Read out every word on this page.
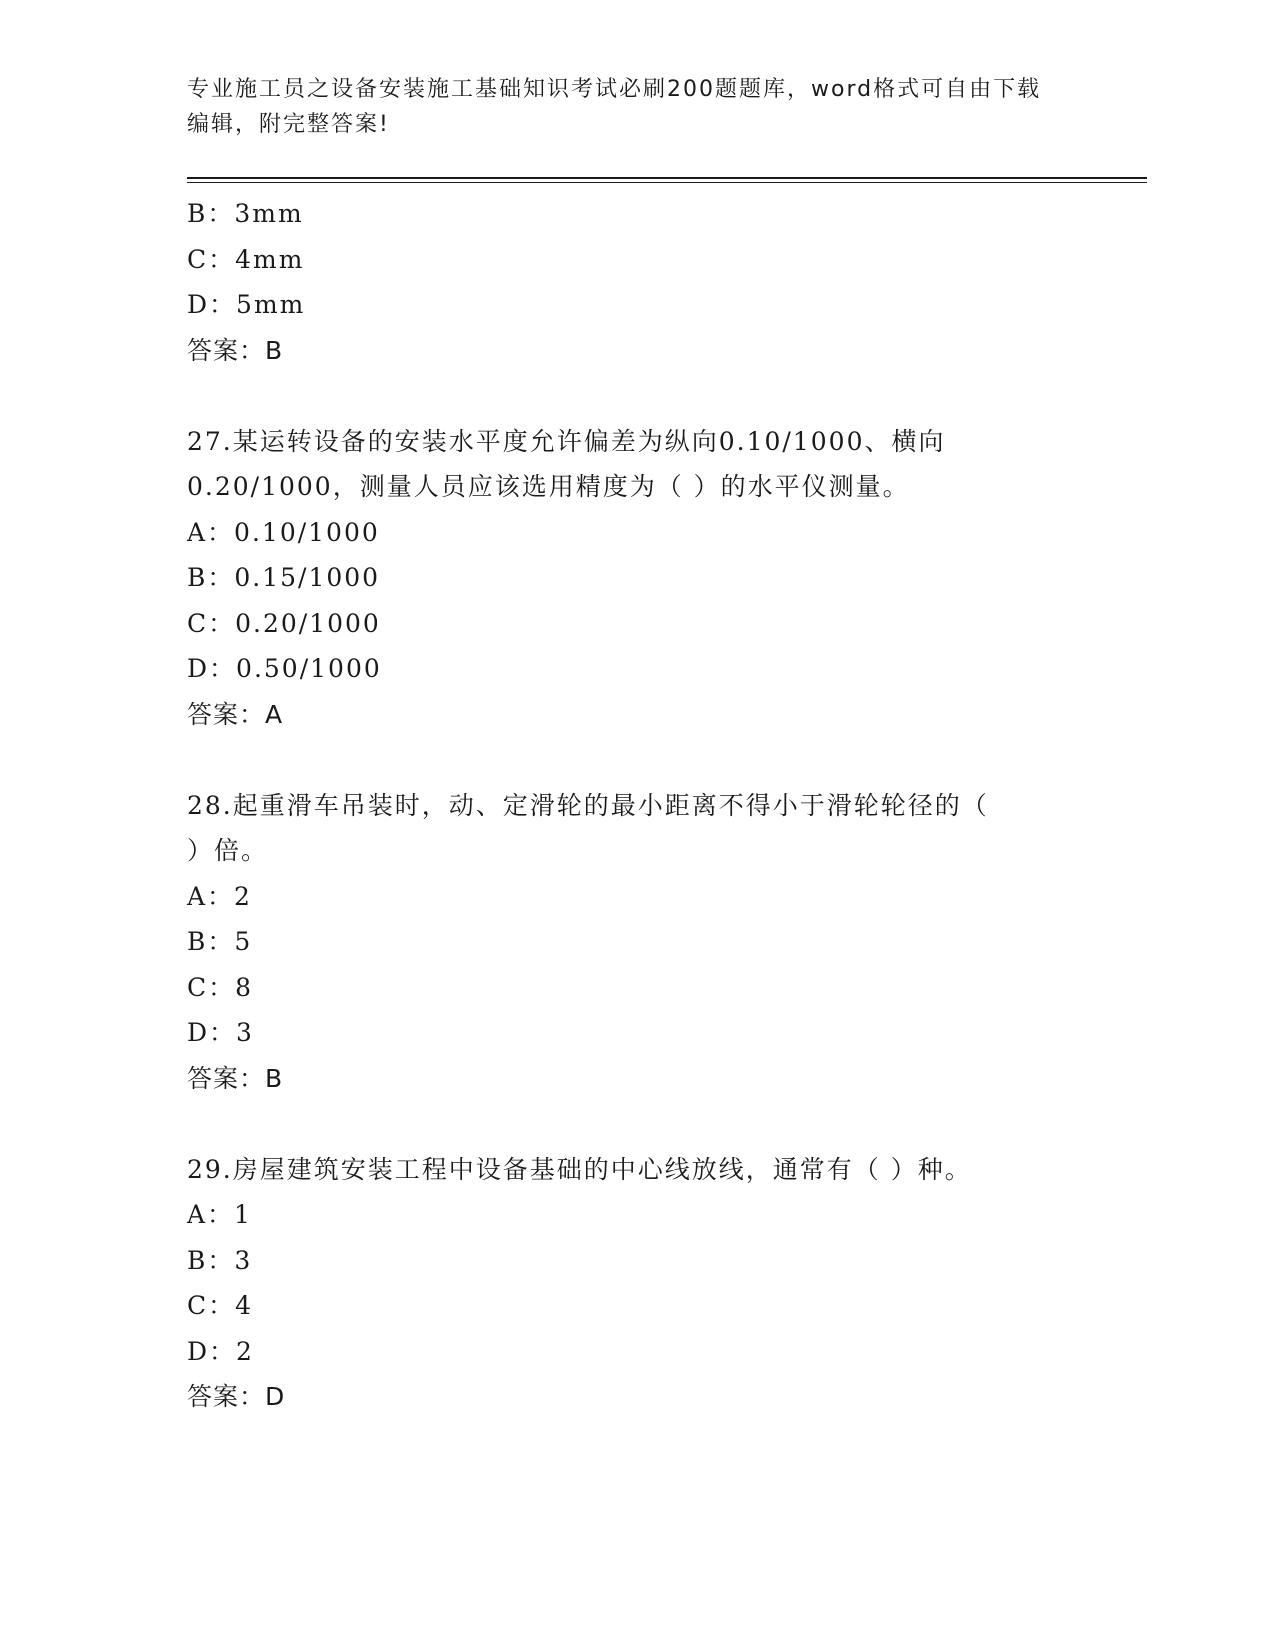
专业施工员之设备安装施工基础知识考试必刷200题题库，word格式可自由下载
编辑，附完整答案!
B：3mm
C：4mm
D：5mm
答案：B
27.某运转设备的安装水平度允许偏差为纵向0.10/1000、横向
0.20/1000，测量人员应该选用精度为（ ）的水平仪测量。
A：0.10/1000
B：0.15/1000
C：0.20/1000
D：0.50/1000
答案：A
28.起重滑车吊装时，动、定滑轮的最小距离不得小于滑轮轮径的（
）倍。
A：2
B：5
C：8
D：3
答案：B
29.房屋建筑安装工程中设备基础的中心线放线，通常有（ ）种。
A：1
B：3
C：4
D：2
答案：D
